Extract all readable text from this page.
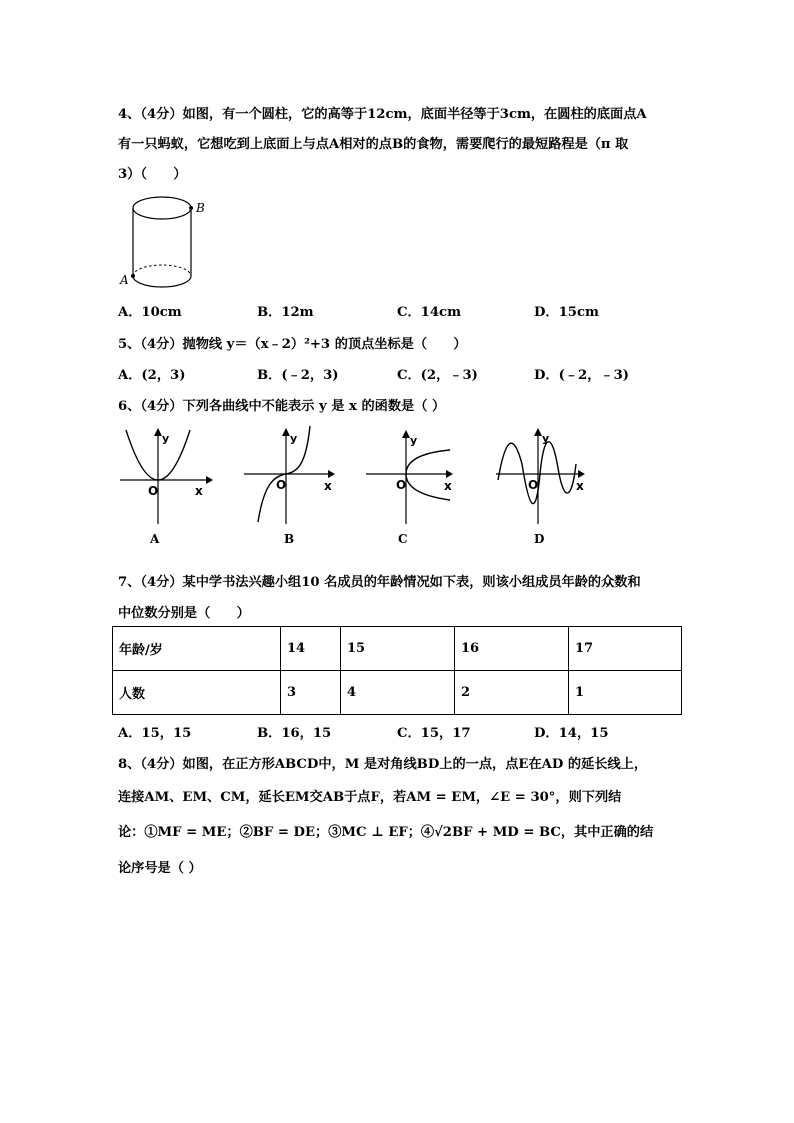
4、（4分）如图，有一个圆柱，它的高等于12cm，底面半径等于3cm，在圆柱的底面点A
有一只蚂蚁，它想吃到上底面上与点A相对的点B的食物，需要爬行的最短路程是（π 取
3）（　　）
B
A
A．10cm	B．12m	C．14cm	D．15cm
5、（4分）抛物线 y＝（x﹣2）²+3 的顶点坐标是（　　）
A．(2，3)	B．(﹣2，3)	C．(2，﹣3)	D．(﹣2，﹣3)
6、（4分）下列各曲线中不能表示 y 是 x 的函数是（ ）
y
O	x
A
y
O	x
B
y
O	x
C
y
O	x
D
7、（4分）某中学书法兴趣小组10 名成员的年龄情况如下表，则该小组成员年龄的众数和
中位数分别是（　　）
年龄/岁	14	15	16	17
人数	3	4	2	1
A．15，15	B．16，15	C．15，17	D．14，15
8、（4分）如图，在正方形ABCD中，M 是对角线BD上的一点，点E在AD 的延长线上，
连接AM、EM、CM，延长EM交AB于点F，若AM = EM，∠E = 30°，则下列结
论：①MF = ME；②BF = DE；③MC ⊥ EF；④√2BF + MD = BC，其中正确的结
论序号是（ ）
